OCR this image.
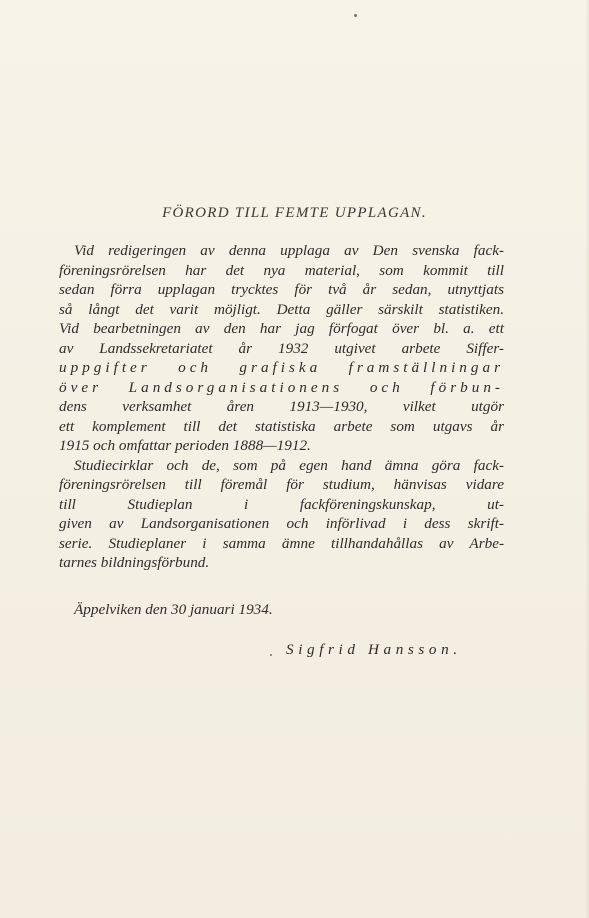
FÖRORD TILL FEMTE UPPLAGAN.
Vid redigeringen av denna upplaga av Den svenska fack-
föreningsrörelsen har det nya material, som kommit till
sedan förra upplagan trycktes för två år sedan, utnyttjats
så långt det varit möjligt. Detta gäller särskilt statistiken.
Vid bearbetningen av den har jag förfogat över bl. a. ett
av Landssekretariatet år 1932 utgivet arbete Siffer-
uppgifter och grafiska framställningar
över Landsorganisationens och förbun-
dens verksamhet åren 1913—1930, vilket utgör
ett komplement till det statistiska arbete som utgavs år
1915 och omfattar perioden 1888—1912.
Studiecirklar och de, som på egen hand ämna göra fack-
föreningsrörelsen till föremål för studium, hänvisas vidare
till Studieplan i fackföreningskunskap, ut-
given av Landsorganisationen och införlivad i dess skrift-
serie. Studieplaner i samma ämne tillhandahållas av Arbe-
tarnes bildningsförbund.
Äppelviken den 30 januari 1934.
Sigfrid Hansson.
